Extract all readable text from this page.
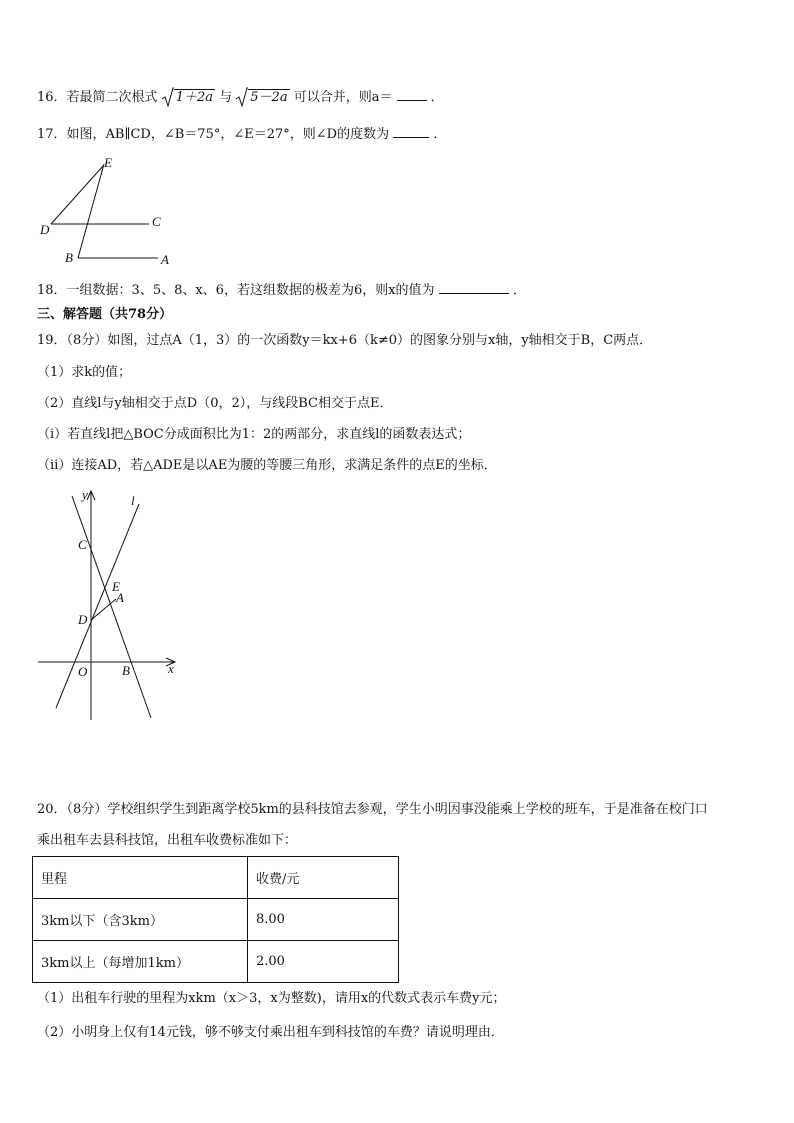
16．若最简二次根式 1＋2a 与 5－2a 可以合并，则a＝	．
17．如图，AB∥CD，∠B＝75°，∠E＝27°，则∠D的度数为	．
E
D
C
B	A
18．一组数据：3、5、8、x、6，若这组数据的极差为6，则x的值为	．
三、解答题（共78分）
19．（8分）如图，过点A（1，3）的一次函数y＝kx+6（k≠0）的图象分别与x轴，y轴相交于B，C两点．
（1）求k的值；
（2）直线l与y轴相交于点D（0，2），与线段BC相交于点E．
（i）若直线l把△BOC分成面积比为1：2的两部分，求直线l的函数表达式；
（ⅱ）连接AD，若△ADE是以AE为腰的等腰三角形，求满足条件的点E的坐标．
y	l
C
E
A
D
O	B	x
20．（8分）学校组织学生到距离学校5km的县科技馆去参观，学生小明因事没能乘上学校的班车，于是准备在校门口
乘出租车去县科技馆，出租车收费标准如下：
里程	收费/元
3km以下（含3km）	8.00
3km以上（每增加1km）	2.00
（1）出租车行驶的里程为xkm（x＞3，x为整数)，请用x的代数式表示车费y元；
（2）小明身上仅有14元钱，够不够支付乘出租车到科技馆的车费？请说明理由．
